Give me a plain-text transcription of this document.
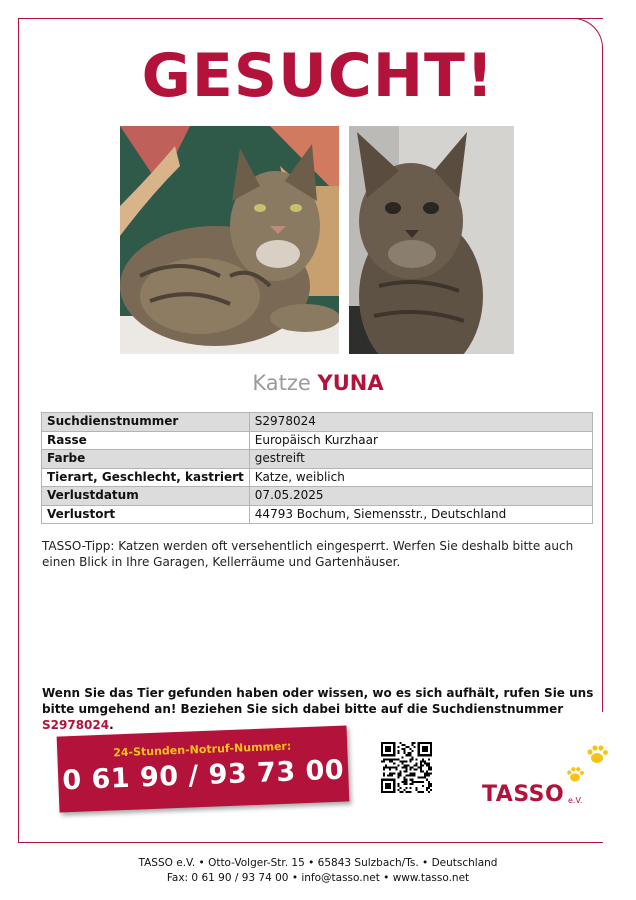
GESUCHT!
Katze YUNA
Suchdienstnummer	S2978024
Rasse	Europäisch Kurzhaar
Farbe	gestreift
Tierart, Geschlecht, kastriert	Katze, weiblich
Verlustdatum	07.05.2025
Verlustort	44793 Bochum, Siemensstr., Deutschland
TASSO-Tipp: Katzen werden oft versehentlich eingesperrt. Werfen Sie deshalb bitte auch einen Blick in Ihre Garagen, Kellerräume und Gartenhäuser.
Wenn Sie das Tier gefunden haben oder wissen, wo es sich aufhält, rufen Sie uns bitte umgehend an! Beziehen Sie sich dabei bitte auf die Suchdienstnummer S2978024.
24-Stunden-Notruf-Nummer:
0 61 90 / 93 73 00	TASSO e.V.
TASSO e.V. • Otto-Volger-Str. 15 • 65843 Sulzbach/Ts. • Deutschland
Fax: 0 61 90 / 93 74 00 • info@tasso.net • www.tasso.net
